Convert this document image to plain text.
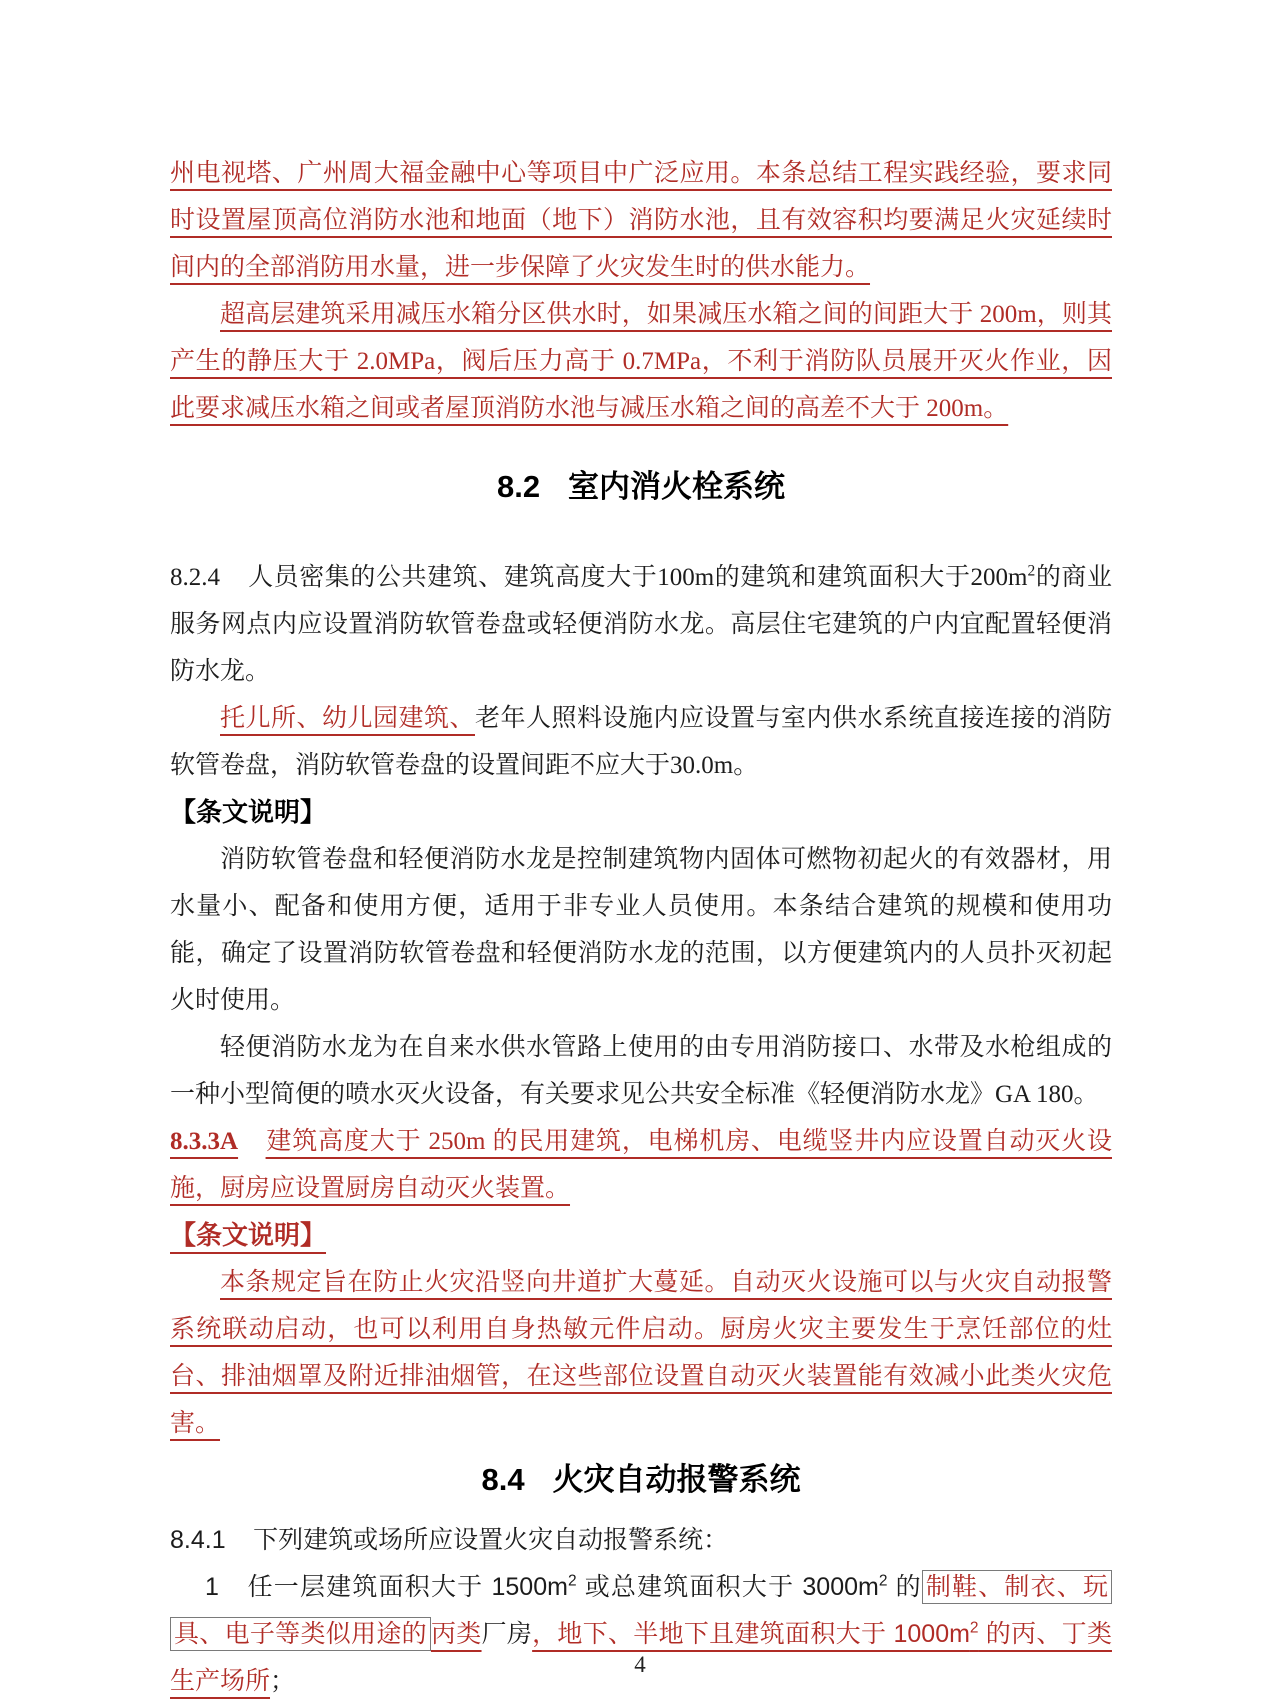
州电视塔、广州周大福金融中心等项目中广泛应用。本条总结工程实践经验，要求同时设置屋顶高位消防水池和地面（地下）消防水池，且有效容积均要满足火灾延续时间内的全部消防用水量，进一步保障了火灾发生时的供水能力。

超高层建筑采用减压水箱分区供水时，如果减压水箱之间的间距大于 200m，则其产生的静压大于 2.0MPa，阀后压力高于 0.7MPa，不利于消防队员展开灭火作业，因此要求减压水箱之间或者屋顶消防水池与减压水箱之间的高差不大于 200m。

8.2 室内消火栓系统

8.2.4 人员密集的公共建筑、建筑高度大于100m的建筑和建筑面积大于$200m^2$的商业服务网点内应设置消防软管卷盘或轻便消防水龙。高层住宅建筑的户内宜配置轻便消防水龙。

托儿所、幼儿园建筑、老年人照料设施内应设置与室内供水系统直接连接的消防软管卷盘，消防软管卷盘的设置间距不应大于30.0m。

【条文说明】

消防软管卷盘和轻便消防水龙是控制建筑物内固体可燃物初起火的有效器材，用水量小、配备和使用方便，适用于非专业人员使用。本条结合建筑的规模和使用功能，确定了设置消防软管卷盘和轻便消防水龙的范围，以方便建筑内的人员扑灭初起火时使用。

轻便消防水龙为在自来水供水管路上使用的由专用消防接口、水带及水枪组成的一种小型简便的喷水灭火设备，有关要求见公共安全标准《轻便消防水龙》GA 180。

8.3.3A 建筑高度大于 250m 的民用建筑，电梯机房、电缆竖井内应设置自动灭火设施，厨房应设置厨房自动灭火装置。

【条文说明】

本条规定旨在防止火灾沿竖向井道扩大蔓延。自动灭火设施可以与火灾自动报警系统联动启动，也可以利用自身热敏元件启动。厨房火灾主要发生于烹饪部位的灶台、排油烟罩及附近排油烟管，在这些部位设置自动灭火装置能有效减小此类火灾危害。

8.4 火灾自动报警系统

8.4.1 下列建筑或场所应设置火灾自动报警系统：

1 任一层建筑面积大于 $1500m^2$ 或总建筑面积大于 $3000m^2$ 的 制鞋、制衣、玩具、电子等类似用途的 丙类厂房，地下、半地下且建筑面积大于 $1000m^2$ 的丙、丁类生产场所；

4
